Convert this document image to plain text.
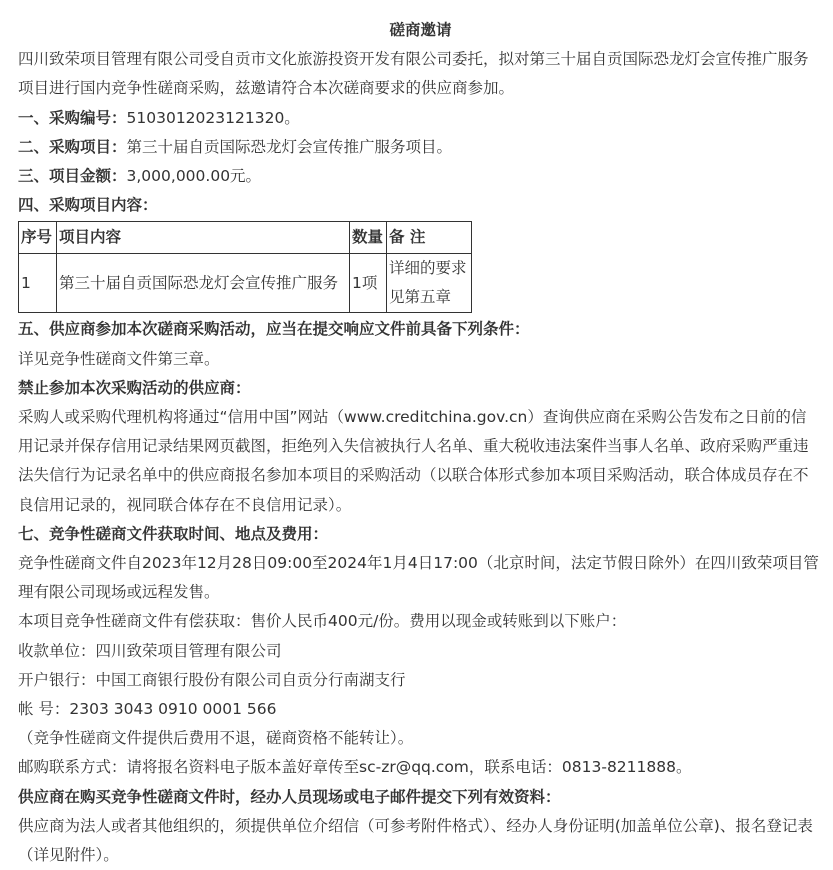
磋商邀请

四川致荣项目管理有限公司受自贡市文化旅游投资开发有限公司委托，拟对第三十届自贡国际恐龙灯会宣传推广服务项目进行国内竞争性磋商采购，兹邀请符合本次磋商要求的供应商参加。

一、采购编号：5103012023121320。

二、采购项目：第三十届自贡国际恐龙灯会宣传推广服务项目。

三、项目金额：3,000,000.00元。

四、采购项目内容：

序号	项目内容	数量	备 注
1	第三十届自贡国际恐龙灯会宣传推广服务	1项	详细的要求见第五章

五、供应商参加本次磋商采购活动，应当在提交响应文件前具备下列条件：

详见竞争性磋商文件第三章。

禁止参加本次采购活动的供应商：

采购人或采购代理机构将通过“信用中国”网站（www.creditchina.gov.cn）查询供应商在采购公告发布之日前的信用记录并保存信用记录结果网页截图，拒绝列入失信被执行人名单、重大税收违法案件当事人名单、政府采购严重违法失信行为记录名单中的供应商报名参加本项目的采购活动（以联合体形式参加本项目采购活动，联合体成员存在不良信用记录的，视同联合体存在不良信用记录）。

七、竞争性磋商文件获取时间、地点及费用：

竞争性磋商文件自2023年12月28日09:00至2024年1月4日17:00（北京时间，法定节假日除外）在四川致荣项目管理有限公司现场或远程发售。

本项目竞争性磋商文件有偿获取：售价人民币400元/份。费用以现金或转账到以下账户：

收款单位：四川致荣项目管理有限公司

开户银行：中国工商银行股份有限公司自贡分行南湖支行

帐 号：2303 3043 0910 0001 566

（竞争性磋商文件提供后费用不退，磋商资格不能转让）。

邮购联系方式：请将报名资料电子版本盖好章传至sc-zr@qq.com，联系电话：0813-8211888。

供应商在购买竞争性磋商文件时，经办人员现场或电子邮件提交下列有效资料：

供应商为法人或者其他组织的，须提供单位介绍信（可参考附件格式）、经办人身份证明(加盖单位公章)、报名登记表（详见附件）。
